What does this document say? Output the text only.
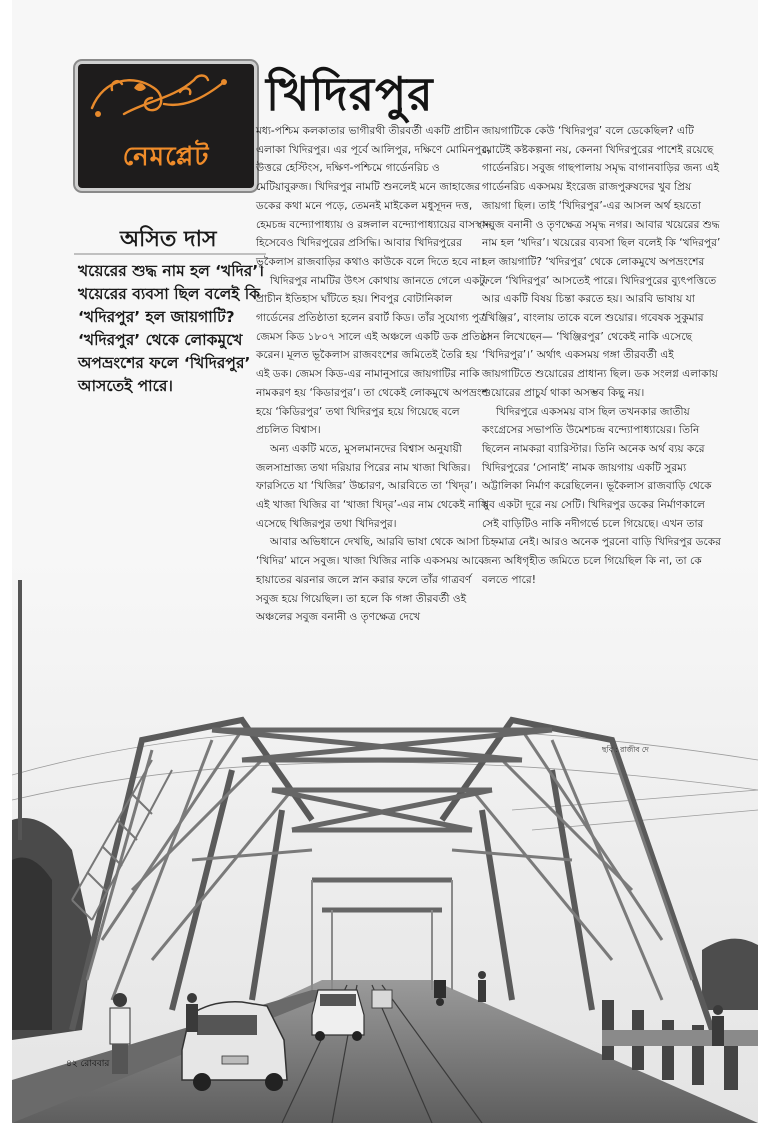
নেমপ্লেট
খিদিরপুর
অসিত দাস
খয়েরের শুদ্ধ নাম হল ‘খদির’। খয়েরের ব্যবসা ছিল বলেই কি ‘খদিরপুর’ হল জায়গাটি? ‘খদিরপুর’ থেকে লোকমুখে অপভ্রংশের ফলে ‘খিদিরপুর’ আসতেই পারে।

মধ্য-পশ্চিম কলকাতার ভাগীরথী তীরবর্তী একটি প্রাচীন এলাকা খিদিরপুর। এর পূর্বে আলিপুর, দক্ষিণে মোমিনপুর, উত্তরে হেস্টিংস, দক্ষিণ-পশ্চিমে গার্ডেনরিচ ও মেটিয়াবুরুজ। খিদিরপুর নামটি শুনলেই মনে জাহাজের ডকের কথা মনে পড়ে, তেমনই মাইকেল মধুসূদন দত্ত, হেমচন্দ্র বন্দ্যোপাধ্যায় ও রঙ্গলাল বন্দ্যোপাধ্যায়ের বাসস্থান হিসেবেও খিদিরপুরের প্রসিদ্ধি। আবার খিদিরপুরের ভূকৈলাস রাজবাড়ির কথাও কাউকে বলে দিতে হবে না।

খিদিরপুর নামটির উৎস কোথায় জানতে গেলে একটু প্রাচীন ইতিহাস ঘাঁটতে হয়। শিবপুর বোটানিকাল গার্ডেনের প্রতিষ্ঠাতা হলেন রবার্ট কিড। তাঁর সুযোগ্য পুত্র জেমস কিড ১৮০৭ সালে এই অঞ্চলে একটি ডক প্রতিষ্ঠা করেন। মূলত ভূকৈলাস রাজবংশের জমিতেই তৈরি হয় এই ডক। জেমস কিড-এর নামানুসারে জায়গাটির নাকি নামকরণ হয় ‘কিডারপুর’। তা থেকেই লোকমুখে অপভ্রংশ হয়ে ‘কিডিরপুর’ তথা খিদিরপুর হয়ে গিয়েছে বলে প্রচলিত বিশ্বাস।

অন্য একটি মতে, মুসলমানদের বিশ্বাস অনুযায়ী জলসাম্রাজ্য তথা দরিয়ার পিরের নাম খাজা খিজির। ফারসিতে যা ‘খিজির’ উচ্চারণ, আরবিতে তা ‘খিদ্‌র’। এই খাজা খিজির বা ‘খাজা খিদ্‌র’-এর নাম থেকেই নাকি এসেছে খিজিরপুর তথা খিদিরপুর।

আবার অভিধানে দেখছি, আরবি ভাষা থেকে আসা ‘খিদির’ মানে সবুজ। খাজা খিজির নাকি একসময় আবে হায়াতের ঝরনার জলে স্নান করার ফলে তাঁর গাত্রবর্ণ সবুজ হয়ে গিয়েছিল। তা হলে কি গঙ্গা তীরবর্তী ওই অঞ্চলের সবুজ বনানী ও তৃণক্ষেত্র দেখে

জায়গাটিকে কেউ ‘খিদিরপুর’ বলে ডেকেছিল? এটি মোটেই কষ্টকল্পনা নয়, কেননা খিদিরপুরের পাশেই রয়েছে গার্ডেনরিচ। সবুজ গাছপালায় সমৃদ্ধ বাগানবাড়ির জন্য এই গার্ডেনরিচ একসময় ইংরেজ রাজপুরুষদের খুব প্রিয় জায়গা ছিল। তাই ‘খিদিরপুর’-এর আসল অর্থ হয়তো সবুজ বনানী ও তৃণক্ষেত্র সমৃদ্ধ নগর। আবার খয়েরের শুদ্ধ নাম হল ‘খদির’। খয়েরের ব্যবসা ছিল বলেই কি ‘খদিরপুর’ হল জায়গাটি? ‘খদিরপুর’ থেকে লোকমুখে অপভ্রংশের ফলে ‘খিদিরপুর’ আসতেই পারে। খিদিরপুরের ব্যুৎপত্তিতে আর একটি বিষয় চিন্তা করতে হয়। আরবি ভাষায় যা ‘খিঞ্জির’, বাংলায় তাকে বলে শুয়োর। গবেষক সুকুমার সেন লিখেছেন— ‘খিঞ্জিরপুর’ থেকেই নাকি এসেছে ‘খিদিরপুর’।’ অর্থাৎ একসময় গঙ্গা তীরবর্তী এই জায়গাটিতে শুয়োরের প্রাধান্য ছিল। ডক সংলগ্ন এলাকায় শুয়োরের প্রাচুর্য থাকা অসম্ভব কিছু নয়।

খিদিরপুরে একসময় বাস ছিল তখনকার জাতীয় কংগ্রেসের সভাপতি উমেশচন্দ্র বন্দ্যোপাধ্যায়ের। তিনি ছিলেন নামকরা ব্যারিস্টার। তিনি অনেক অর্থ ব্যয় করে খিদিরপুরের ‘সোনাই’ নামক জায়গায় একটি সুরম্য অট্টালিকা নির্মাণ করেছিলেন। ভূকৈলাস রাজবাড়ি থেকে খুব একটা দূরে নয় সেটি। খিদিরপুর ডকের নির্মাণকালে সেই বাড়িটিও নাকি নদীগর্ভে চলে গিয়েছে। এখন তার চিহ্নমাত্র নেই। আরও অনেক পুরনো বাড়ি খিদিরপুর ডকের জন্য অধিগৃহীত জমিতে চলে গিয়েছিল কি না, তা কে বলতে পারে!

ছবি : রাজীব দে
৪২ রোববার
